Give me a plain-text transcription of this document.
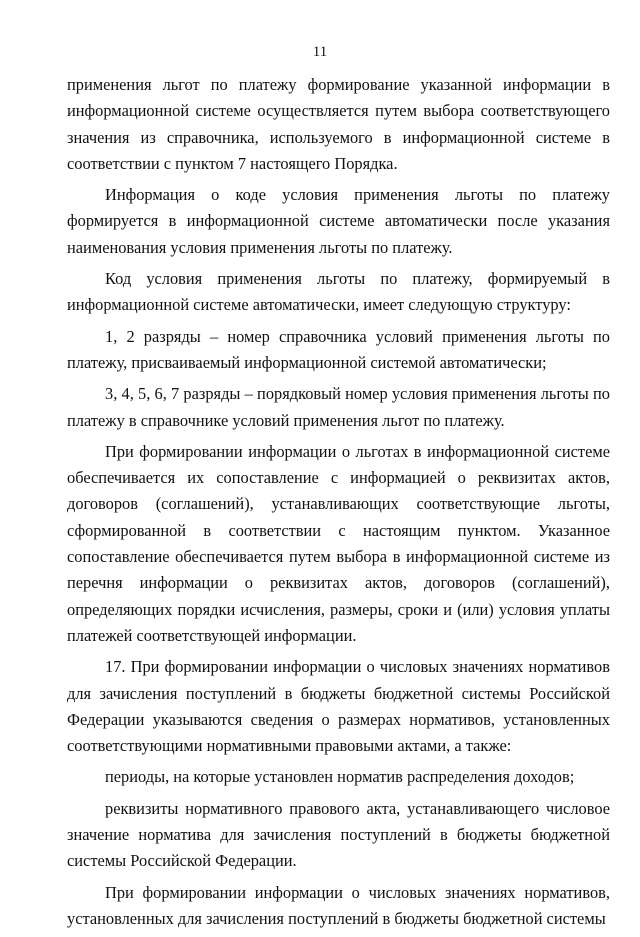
11

применения льгот по платежу формирование указанной информации в информационной системе осуществляется путем выбора соответствующего значения из справочника, используемого в информационной системе в соответствии с пунктом 7 настоящего Порядка.

Информация о коде условия применения льготы по платежу формируется в информационной системе автоматически после указания наименования условия применения льготы по платежу.

Код условия применения льготы по платежу, формируемый в информационной системе автоматически, имеет следующую структуру:

1, 2 разряды – номер справочника условий применения льготы по платежу, присваиваемый информационной системой автоматически;

3, 4, 5, 6, 7 разряды – порядковый номер условия применения льготы по платежу в справочнике условий применения льгот по платежу.

При формировании информации о льготах в информационной системе обеспечивается их сопоставление с информацией о реквизитах актов, договоров (соглашений), устанавливающих соответствующие льготы, сформированной в соответствии с настоящим пунктом. Указанное сопоставление обеспечивается путем выбора в информационной системе из перечня информации о реквизитах актов, договоров (соглашений), определяющих порядки исчисления, размеры, сроки и (или) условия уплаты платежей соответствующей информации.

17. При формировании информации о числовых значениях нормативов для зачисления поступлений в бюджеты бюджетной системы Российской Федерации указываются сведения о размерах нормативов, установленных соответствующими нормативными правовыми актами, а также:

периоды, на которые установлен норматив распределения доходов;

реквизиты нормативного правового акта, устанавливающего числовое значение норматива для зачисления поступлений в бюджеты бюджетной системы Российской Федерации.

При формировании информации о числовых значениях нормативов, установленных для зачисления поступлений в бюджеты бюджетной системы
